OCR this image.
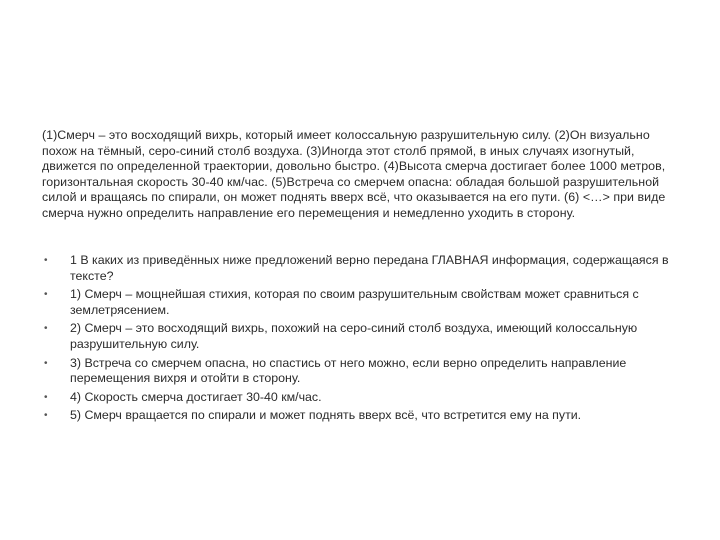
(1)Смерч – это восходящий вихрь, который имеет колоссальную разрушительную силу. (2)Он визуально похож на тёмный, серо-синий столб воздуха. (3)Иногда этот столб прямой, в иных случаях изогнутый, движется по определенной траектории, довольно быстро. (4)Высота смерча достигает более 1000 метров, горизонтальная скорость 30-40 км/час. (5)Встреча со смерчем опасна: обладая большой разрушительной силой и вращаясь по спирали, он может поднять вверх всё, что оказывается на его пути. (6) <…> при виде смерча нужно определить направление его перемещения и немедленно уходить в сторону.

• 1 В каких из приведённых ниже предложений верно передана ГЛАВНАЯ информация, содержащаяся в тексте?
• 1) Смерч – мощнейшая стихия, которая по своим разрушительным свойствам может сравниться с землетрясением.
• 2) Смерч – это восходящий вихрь, похожий на серо-синий столб воздуха, имеющий колоссальную разрушительную силу.
• 3) Встреча со смерчем опасна, но спастись от него можно, если верно определить направление перемещения вихря и отойти в сторону.
• 4) Скорость смерча достигает 30-40 км/час.
• 5) Смерч вращается по спирали и может поднять вверх всё, что встретится ему на пути.
